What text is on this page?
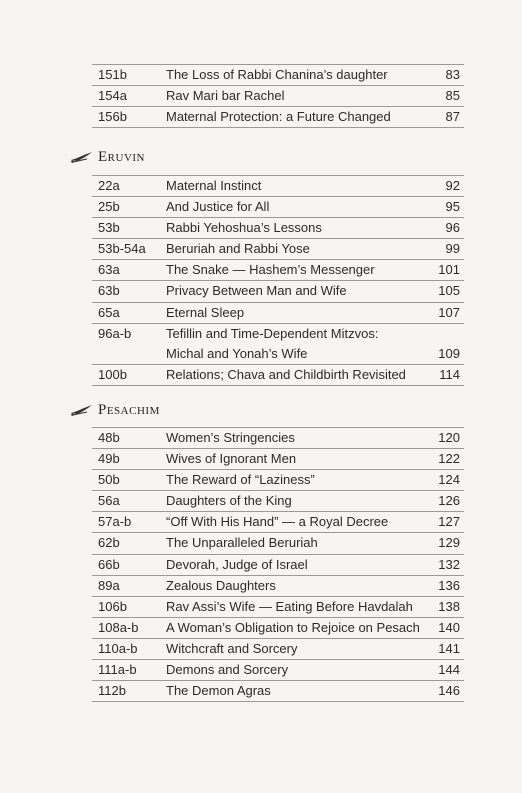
151b	The Loss of Rabbi Chanina’s daughter	83
154a	Rav Mari bar Rachel	85
156b	Maternal Protection: a Future Changed	87
Eruvin
22a	Maternal Instinct	92
25b	And Justice for All	95
53b	Rabbi Yehoshua’s Lessons	96
53b-54a Beruriah and Rabbi Yose	99
63a	The Snake — Hashem’s Messenger	101
63b	Privacy Between Man and Wife	105
65a	Eternal Sleep	107
96a-b	Tefillin and Time-Dependent Mitzvos:
Michal and Yonah’s Wife	109
100b	Relations; Chava and Childbirth Revisited	114
Pesachim
48b	Women’s Stringencies	120
49b	Wives of Ignorant Men	122
50b	The Reward of “Laziness”	124
56a	Daughters of the King	126
57a-b	“Off With His Hand” — a Royal Decree	127
62b	The Unparalleled Beruriah	129
66b	Devorah, Judge of Israel	132
89a	Zealous Daughters	136
106b	Rav Assi’s Wife — Eating Before Havdalah 138
108a-b A Woman’s Obligation to Rejoice on Pesach 140
110a-b Witchcraft and Sorcery	141
111a-b Demons and Sorcery	144
112b	The Demon Agras	146
